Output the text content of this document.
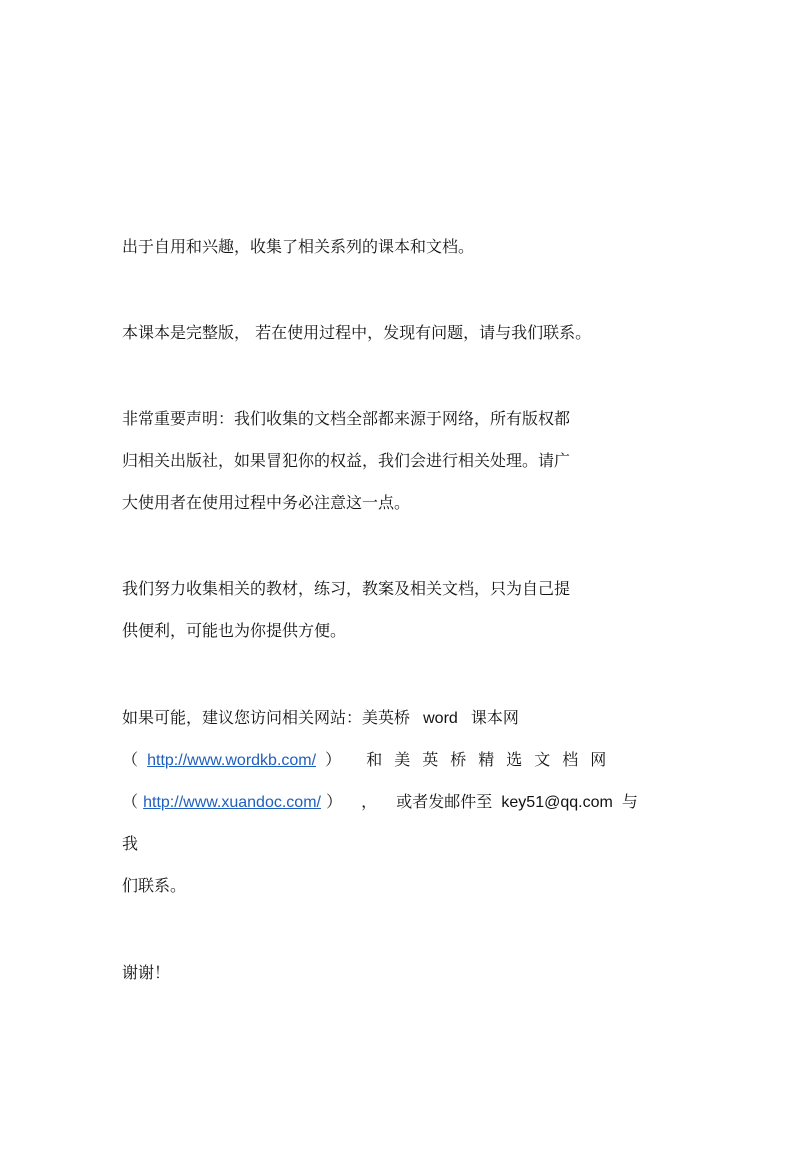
出于自用和兴趣，收集了相关系列的课本和文档。

本课本是完整版， 若在使用过程中，发现有问题，请与我们联系。

非常重要声明：我们收集的文档全部都来源于网络，所有版权都
归相关出版社，如果冒犯你的权益，我们会进行相关处理。请广
大使用者在使用过程中务必注意这一点。

我们努力收集相关的教材，练习，教案及相关文档，只为自己提
供便利，可能也为你提供方便。

如果可能，建议您访问相关网站：美英桥 word 课本网
（ http://www.wordkb.com/ ） 和美英桥精选文档网
（ http://www.xuandoc.com/ ） ， 或者发邮件至 key51@qq.com 与
我
们联系。

谢谢！
